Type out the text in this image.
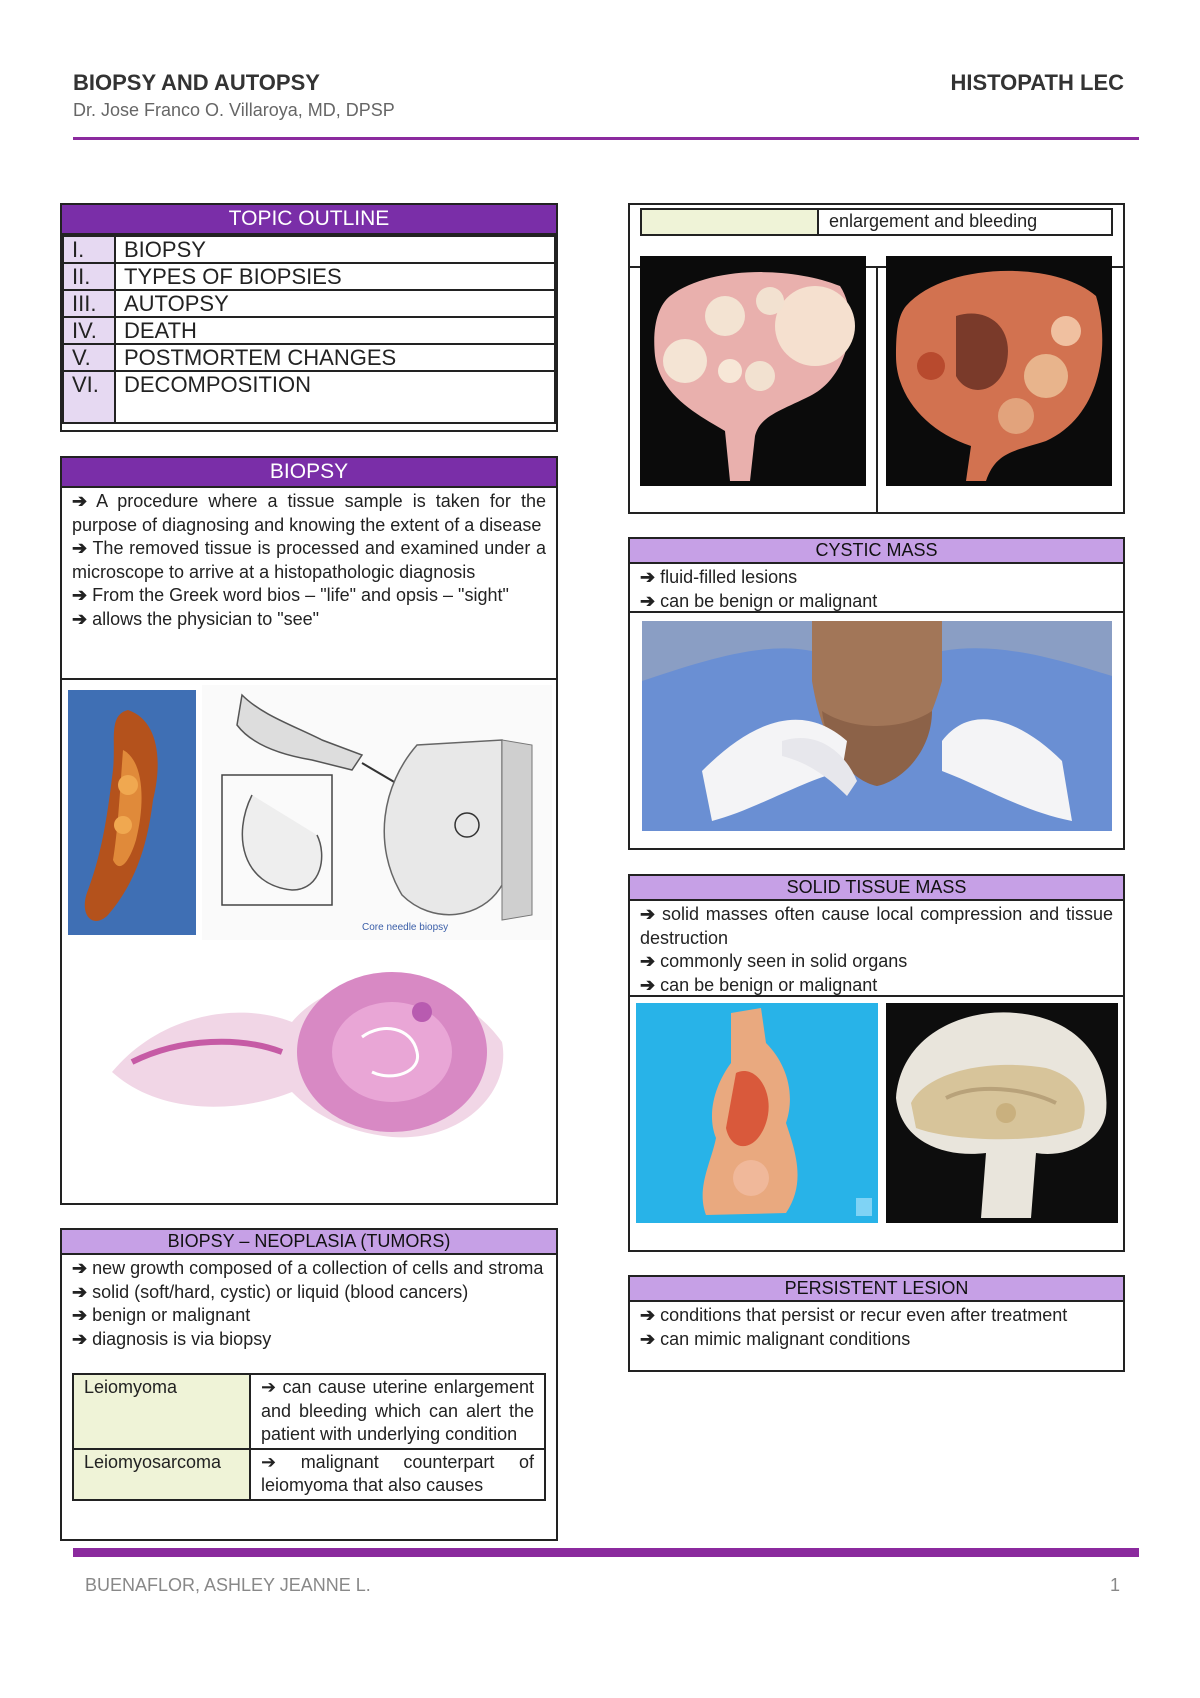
BIOPSY AND AUTOPSY
Dr. Jose Franco O. Villaroya, MD, DPSP
HISTOPATH LEC
TOPIC OUTLINE
I.	BIOPSY
II.	TYPES OF BIOPSIES
III.	AUTOPSY
IV.	DEATH
V.	POSTMORTEM CHANGES
VI.	DECOMPOSITION
BIOPSY

➔ A procedure where a tissue sample is taken for the purpose of diagnosing and knowing the extent of a disease

➔ The removed tissue is processed and examined under a microscope to arrive at a histopathologic diagnosis

➔ From the Greek word bios – "life" and opsis – "sight"

➔ allows the physician to "see"

Core needle biopsy
BIOPSY – NEOPLASIA (TUMORS)

➔ new growth composed of a collection of cells and stroma

➔ solid (soft/hard, cystic) or liquid (blood cancers)

➔ benign or malignant

➔ diagnosis is via biopsy

Leiomyoma	➔ can cause uterine enlargement and bleeding which can alert the patient with underlying condition
Leiomyosarcoma	➔ malignant counterpart of leiomyoma that also causes
enlargement and bleeding
CYSTIC MASS

➔ fluid-filled lesions

➔ can be benign or malignant

SOLID TISSUE MASS

➔ solid masses often cause local compression and tissue destruction

➔ commonly seen in solid organs

➔ can be benign or malignant

PERSISTENT LESION

➔ conditions that persist or recur even after treatment

➔ can mimic malignant conditions

BUENAFLOR, ASHLEY JEANNE L.	1
